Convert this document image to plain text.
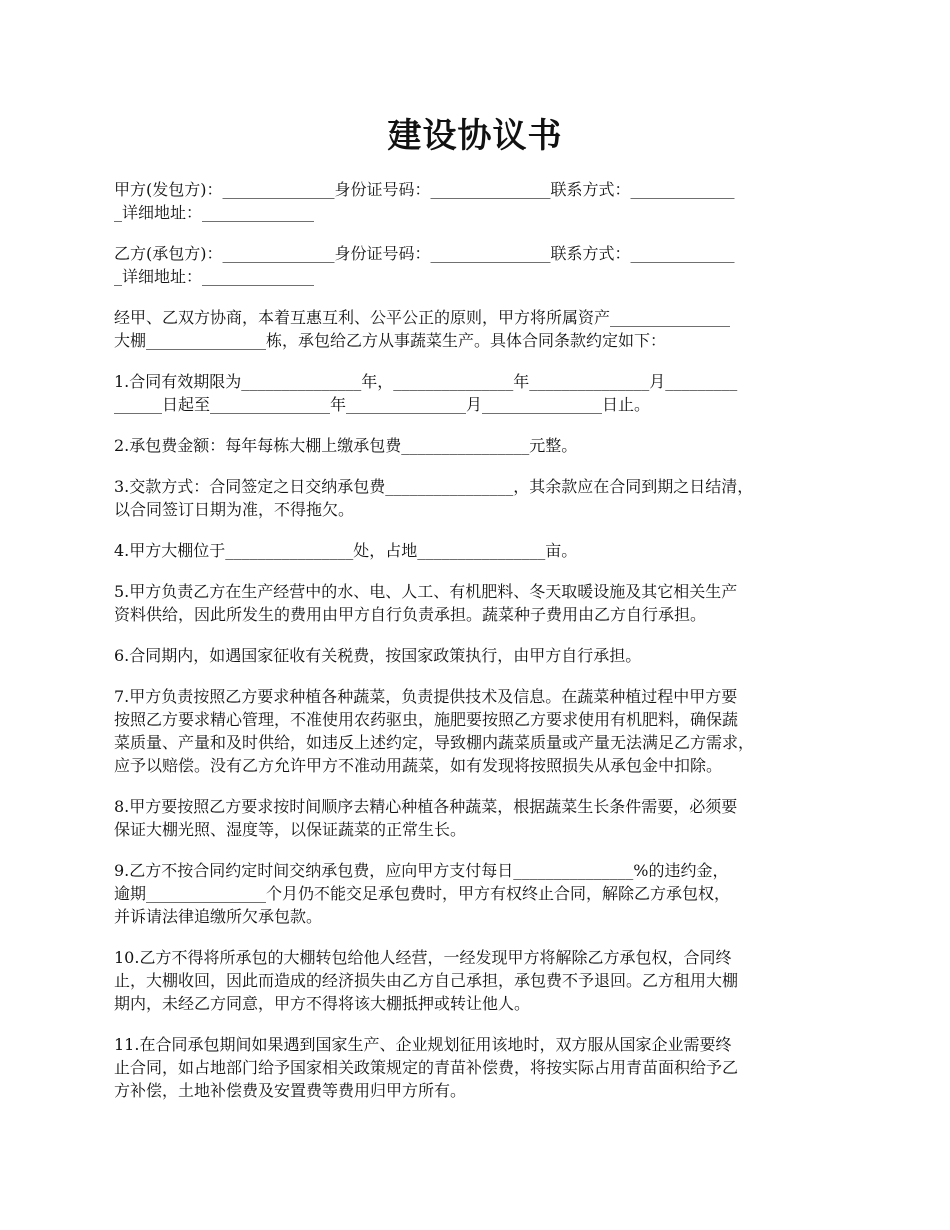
建设协议书

甲方(发包方)：______________身份证号码：_______________联系方式：_____________
_详细地址：______________

乙方(承包方)：______________身份证号码：_______________联系方式：_____________
_详细地址：______________

经甲、乙双方协商，本着互惠互利、公平公正的原则，甲方将所属资产_______________
大棚_______________栋，承包给乙方从事蔬菜生产。具体合同条款约定如下：

1.合同有效期限为_______________年，_______________年_______________月_________
______日起至_______________年_______________月_______________日止。

2.承包费金额：每年每栋大棚上缴承包费________________元整。

3.交款方式：合同签定之日交纳承包费________________，其余款应在合同到期之日结清，
以合同签订日期为准，不得拖欠。

4.甲方大棚位于________________处，占地________________亩。

5.甲方负责乙方在生产经营中的水、电、人工、有机肥料、冬天取暖设施及其它相关生产
资料供给，因此所发生的费用由甲方自行负责承担。蔬菜种子费用由乙方自行承担。

6.合同期内，如遇国家征收有关税费，按国家政策执行，由甲方自行承担。

7.甲方负责按照乙方要求种植各种蔬菜，负责提供技术及信息。在蔬菜种植过程中甲方要
按照乙方要求精心管理，不准使用农药驱虫，施肥要按照乙方要求使用有机肥料，确保蔬
菜质量、产量和及时供给，如违反上述约定，导致棚内蔬菜质量或产量无法满足乙方需求，
应予以赔偿。没有乙方允许甲方不准动用蔬菜，如有发现将按照损失从承包金中扣除。

8.甲方要按照乙方要求按时间顺序去精心种植各种蔬菜，根据蔬菜生长条件需要，必须要
保证大棚光照、湿度等，以保证蔬菜的正常生长。

9.乙方不按合同约定时间交纳承包费，应向甲方支付每日_______________%的违约金，
逾期_______________个月仍不能交足承包费时，甲方有权终止合同，解除乙方承包权，
并诉请法律追缴所欠承包款。

10.乙方不得将所承包的大棚转包给他人经营，一经发现甲方将解除乙方承包权，合同终
止，大棚收回，因此而造成的经济损失由乙方自己承担，承包费不予退回。乙方租用大棚
期内，未经乙方同意，甲方不得将该大棚抵押或转让他人。

11.在合同承包期间如果遇到国家生产、企业规划征用该地时，双方服从国家企业需要终
止合同，如占地部门给予国家相关政策规定的青苗补偿费，将按实际占用青苗面积给予乙
方补偿，土地补偿费及安置费等费用归甲方所有。
